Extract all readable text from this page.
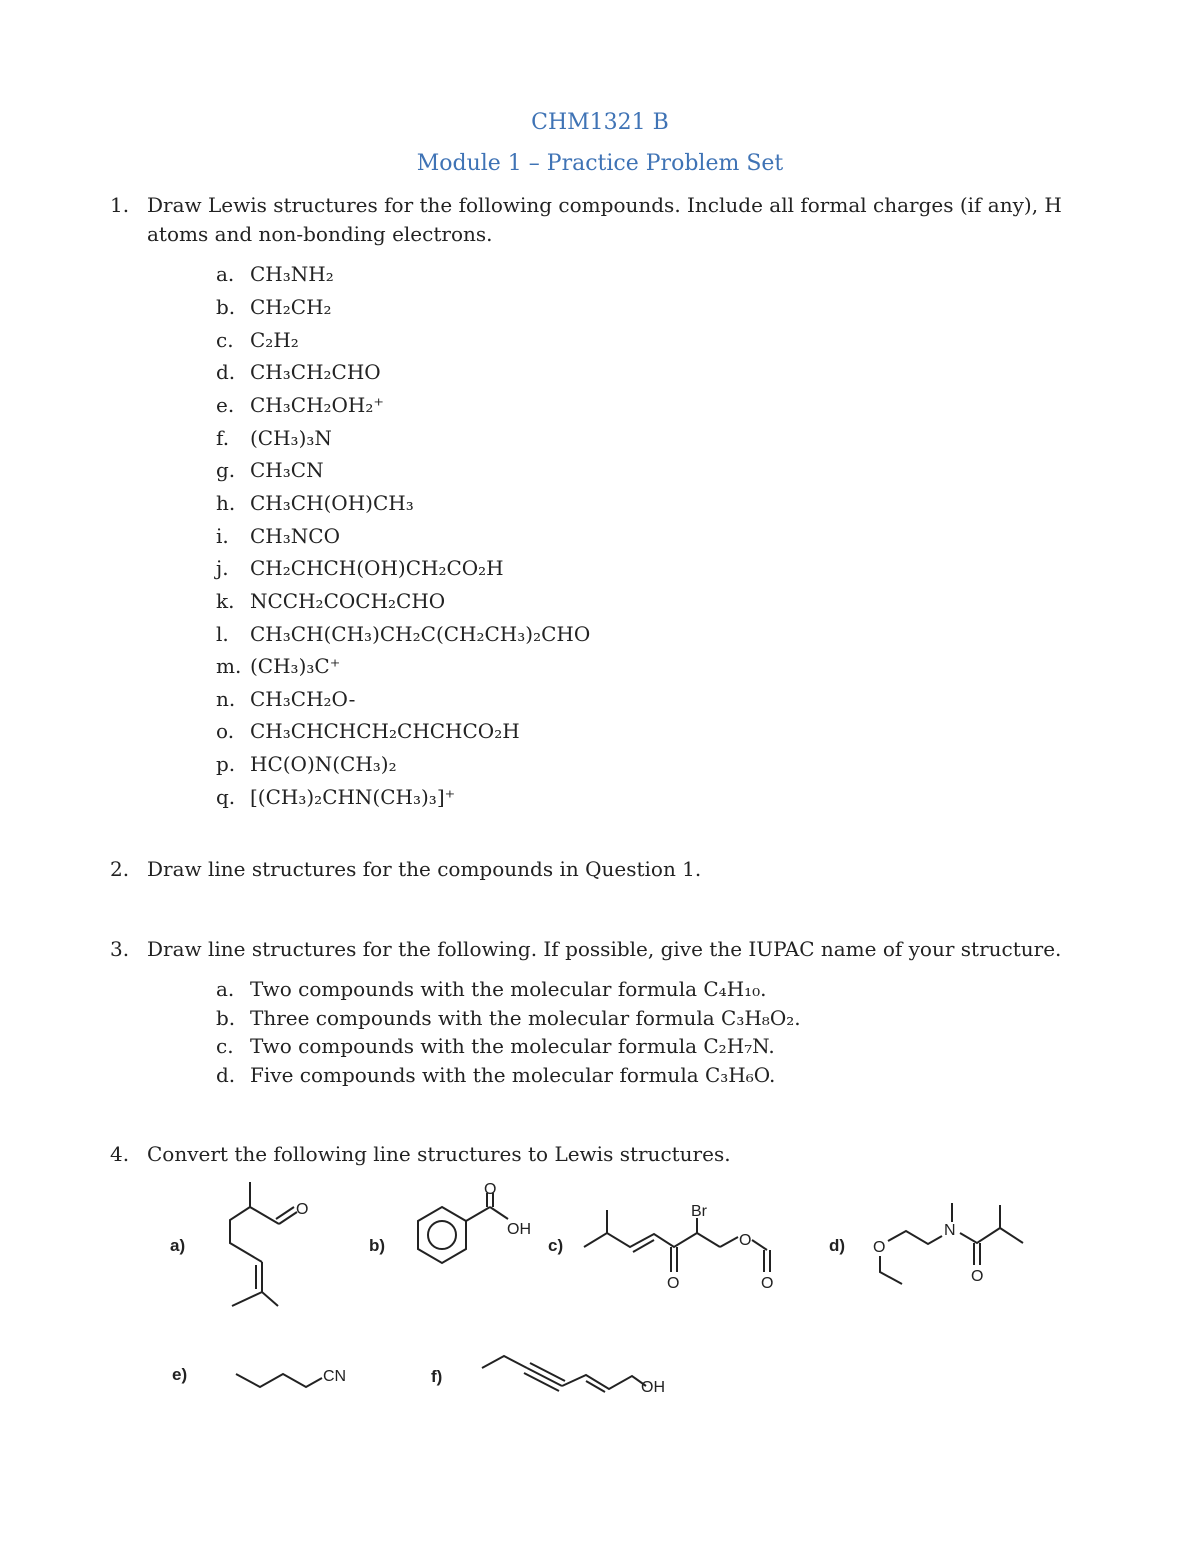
CHM1321 B
Module 1 – Practice Problem Set
1. Draw Lewis structures for the following compounds. Include all formal charges (if any), H atoms and non-bonding electrons.
a. CH₃NH₂
b. CH₂CH₂
c. C₂H₂
d. CH₃CH₂CHO
e. CH₃CH₂OH₂⁺
f. (CH₃)₃N
g. CH₃CN
h. CH₃CH(OH)CH₃
i. CH₃NCO
j. CH₂CHCH(OH)CH₂CO₂H
k. NCCH₂COCH₂CHO
l. CH₃CH(CH₃)CH₂C(CH₂CH₃)₂CHO
m. (CH₃)₃C⁺
n. CH₃CH₂O-
o. CH₃CHCHCH₂CHCHCO₂H
p. HC(O)N(CH₃)₂
q. [(CH₃)₂CHN(CH₃)₃]⁺
2. Draw line structures for the compounds in Question 1.
3. Draw line structures for the following. If possible, give the IUPAC name of your structure.
a. Two compounds with the molecular formula C₄H₁₀.
b. Three compounds with the molecular formula C₃H₈O₂.
c. Two compounds with the molecular formula C₂H₇N.
d. Five compounds with the molecular formula C₃H₆O.
4. Convert the following line structures to Lewis structures.
a)
O
b)
O
OH
c)
O
Br
O
O
d) O
N
O
e)	CN	f)
OH
